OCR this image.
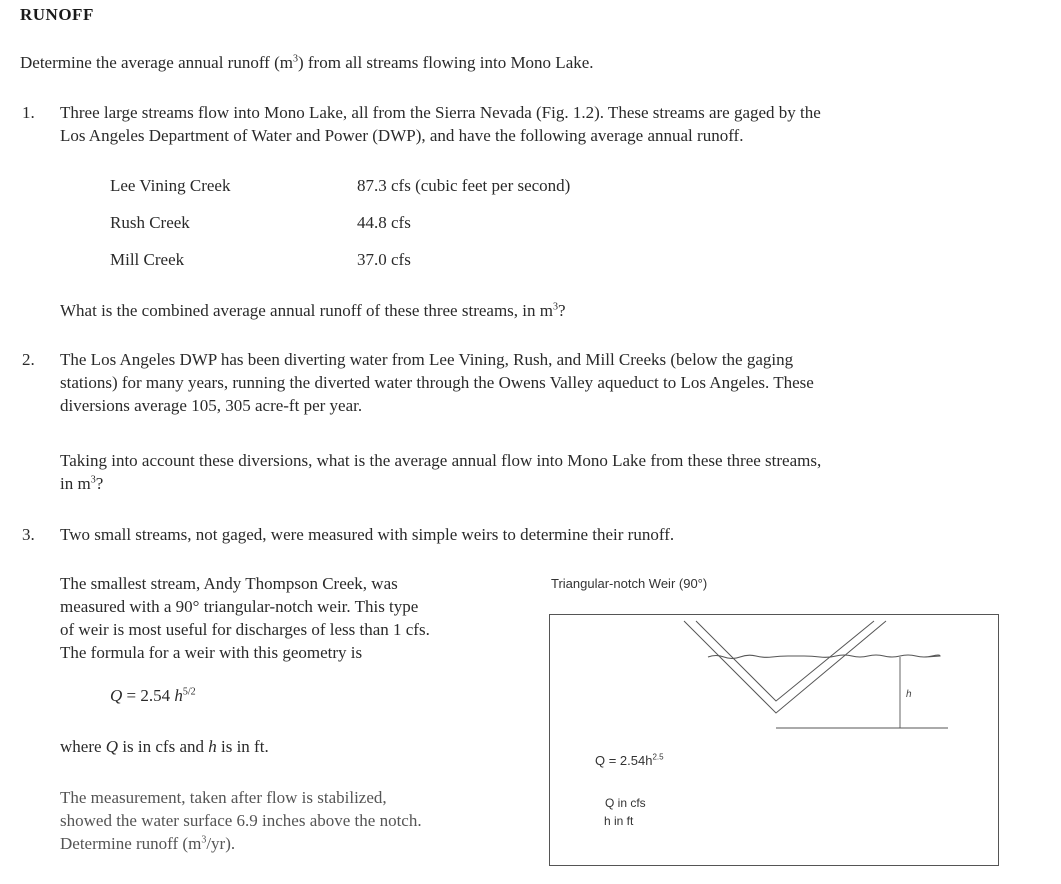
RUNOFF
Determine the average annual runoff $(m^3)$ from all streams flowing into Mono Lake.
1. Three large streams flow into Mono Lake, all from the Sierra Nevada (Fig. 1.2). These streams are gaged by the
Los Angeles Department of Water and Power (DWP), and have the following average annual runoff.
Lee Vining Creek	87.3 cfs (cubic feet per second)
Rush Creek	44.8 cfs
Mill Creek	37.0 cfs
What is the combined average annual runoff of these three streams, in $m^3$?
2. The Los Angeles DWP has been diverting water from Lee Vining, Rush, and Mill Creeks (below the gaging
stations) for many years, running the diverted water through the Owens Valley aqueduct to Los Angeles. These
diversions average 105, 305 acre-ft per year.
Taking into account these diversions, what is the average annual flow into Mono Lake from these three streams,
in $m^3$?
3. Two small streams, not gaged, were measured with simple weirs to determine their runoff.
The smallest stream, Andy Thompson Creek, was
measured with a 90° triangular-notch weir. This type
of weir is most useful for discharges of less than 1 cfs.
The formula for a weir with this geometry is
Q = 2.54 $h^{5/2}$
where Q is in cfs and h is in ft.
The measurement, taken after flow is stabilized,
showed the water surface 6.9 inches above the notch.
Determine runoff $(m^3/yr)$.
Triangular-notch Weir (90°)
h
$Q = 2.54h^{2.5}$
Q in cfs
h in ft
